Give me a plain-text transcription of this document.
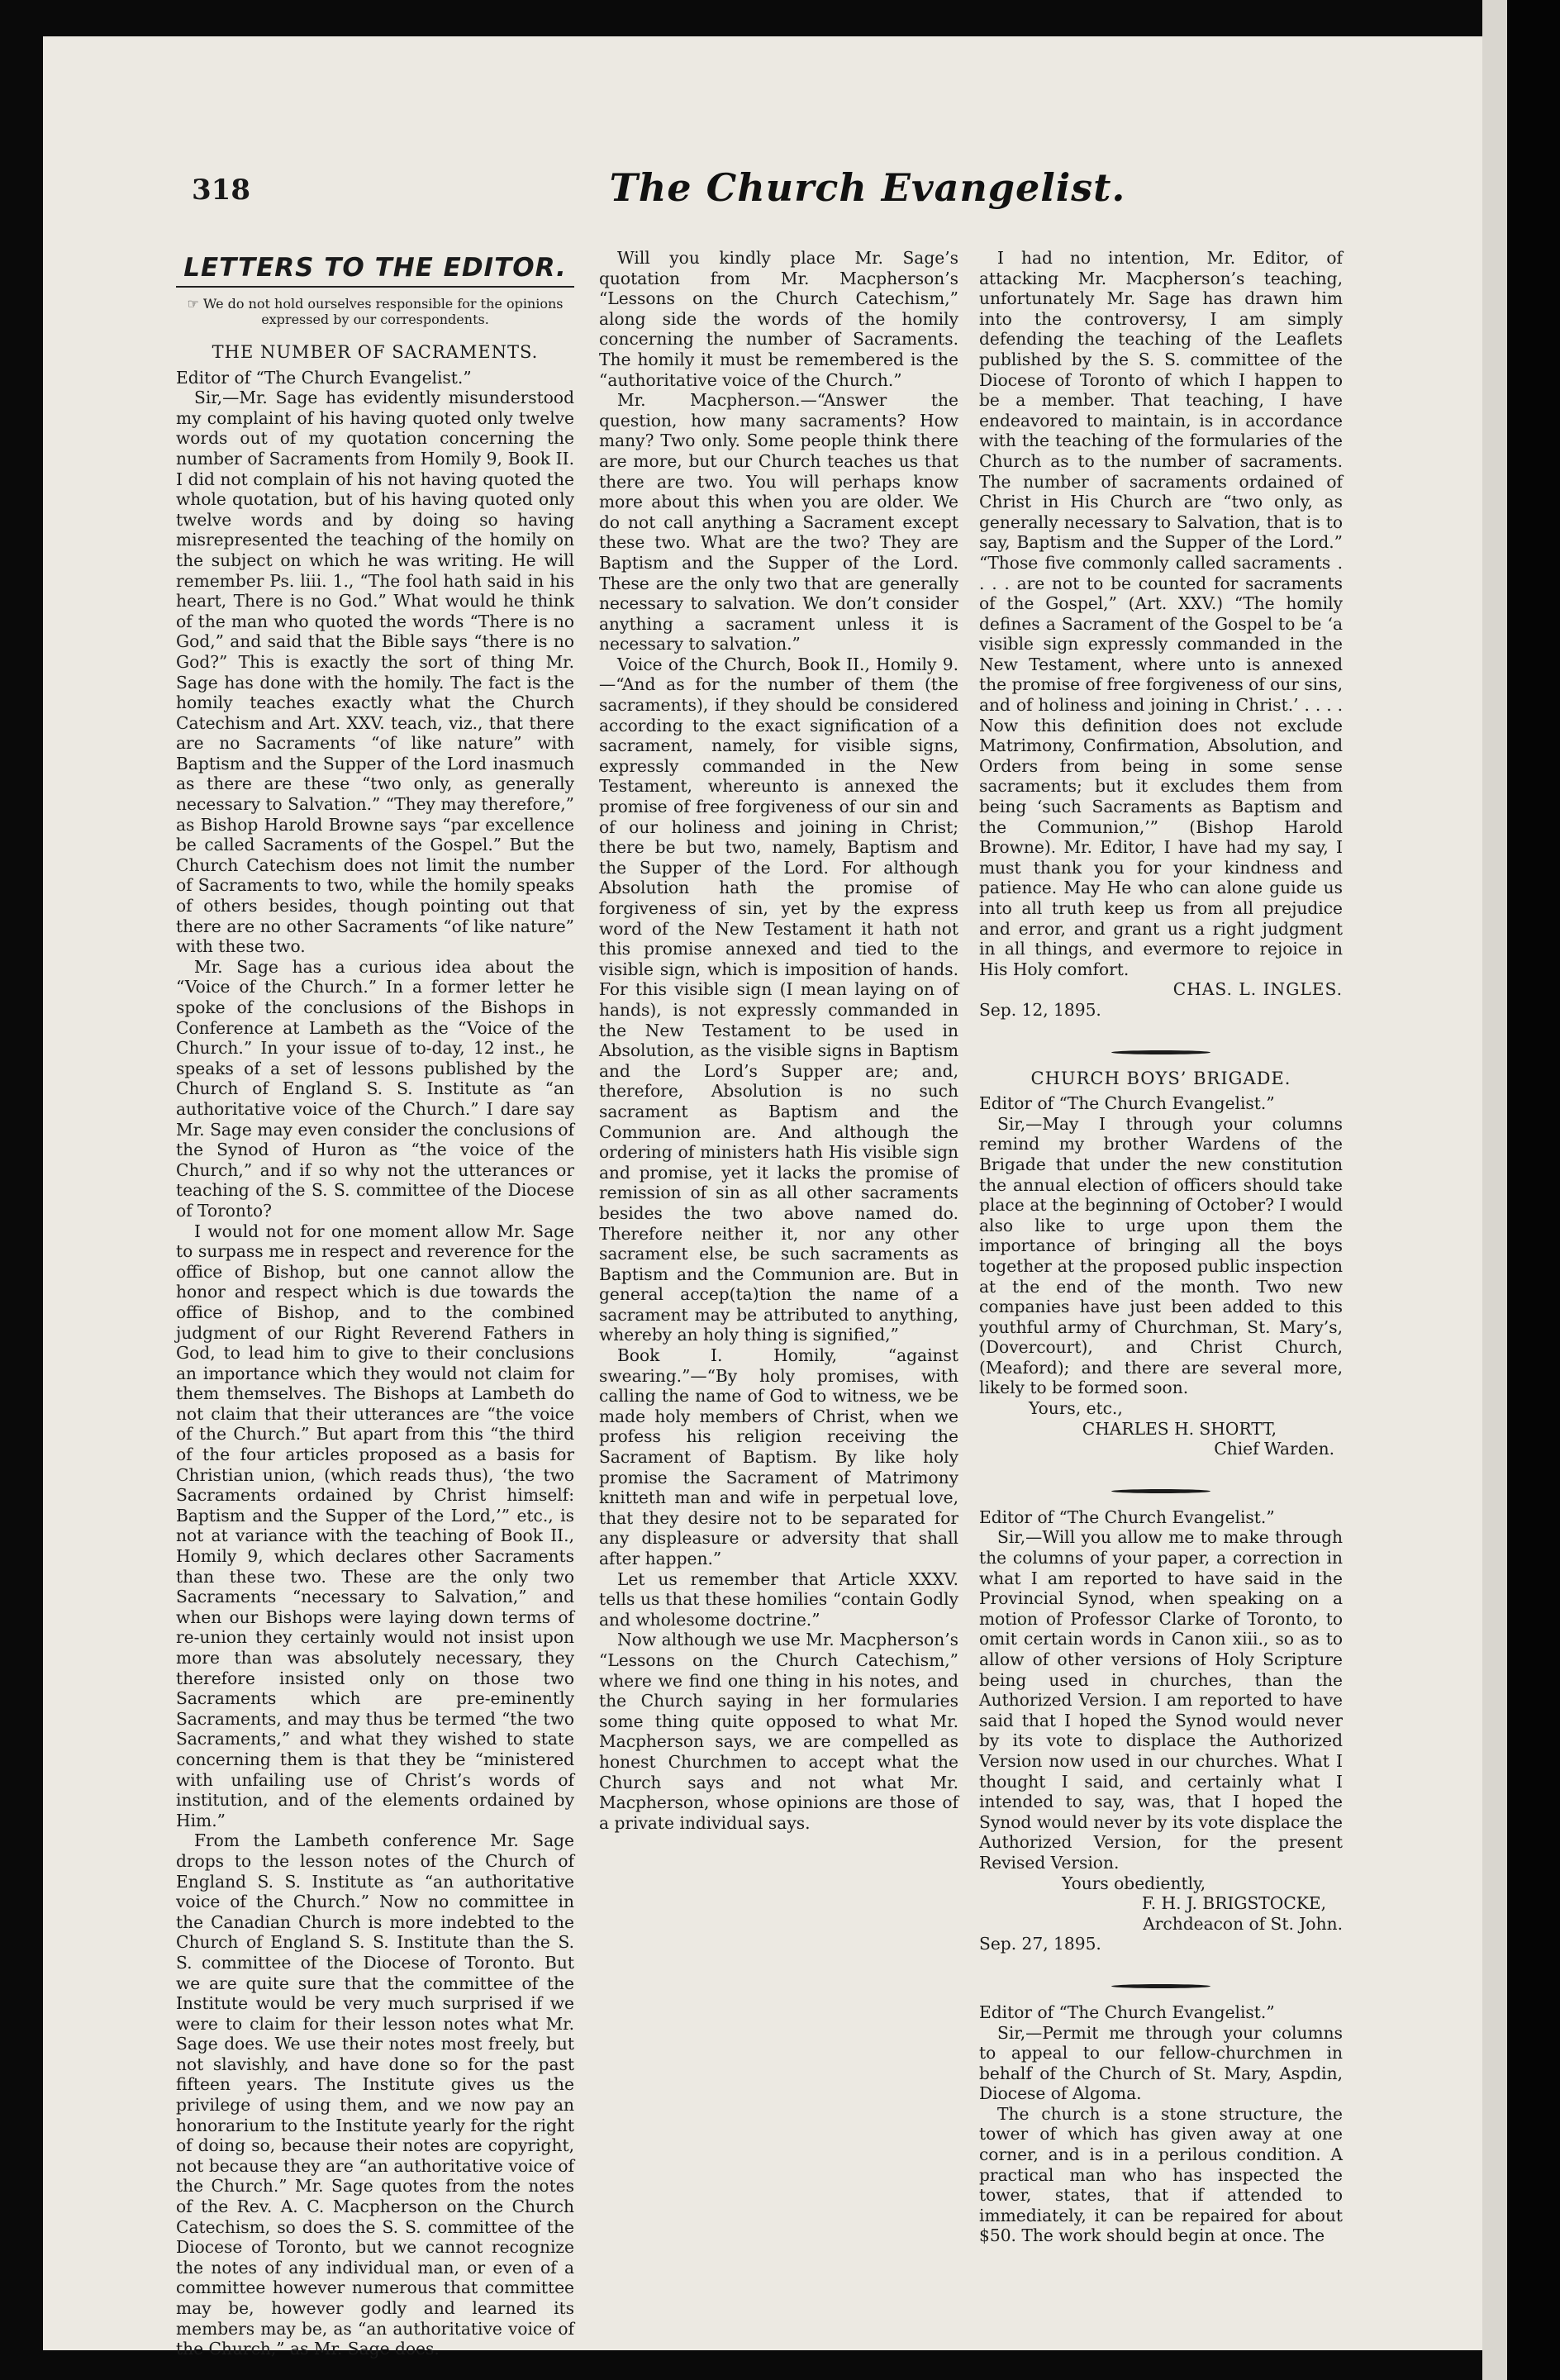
318	The Church Evangelist.
LETTERS TO THE EDITOR.
☞ We do not hold ourselves responsible for the opinions expressed by our correspondents.
THE NUMBER OF SACRAMENTS.

Editor of “The Church Evangelist.”

Sir,—Mr. Sage has evidently misunderstood my complaint of his having quoted only twelve words out of my quotation concerning the number of Sacraments from Homily 9, Book II. I did not complain of his not having quoted the whole quotation, but of his having quoted only twelve words and by doing so having misrepresented the teaching of the homily on the subject on which he was writing. He will remember Ps. liii. 1., “The fool hath said in his heart, There is no God.” What would he think of the man who quoted the words “There is no God,” and said that the Bible says “there is no God?” This is exactly the sort of thing Mr. Sage has done with the homily. The fact is the homily teaches exactly what the Church Catechism and Art. XXV. teach, viz., that there are no Sacraments “of like nature” with Baptism and the Supper of the Lord inasmuch as there are these “two only, as generally necessary to Salvation.” “They may therefore,” as Bishop Harold Browne says “par excellence be called Sacraments of the Gospel.” But the Church Catechism does not limit the number of Sacraments to two, while the homily speaks of others besides, though pointing out that there are no other Sacraments “of like nature” with these two.

Mr. Sage has a curious idea about the “Voice of the Church.” In a former letter he spoke of the conclusions of the Bishops in Conference at Lambeth as the “Voice of the Church.” In your issue of to-day, 12 inst., he speaks of a set of lessons published by the Church of England S. S. Institute as “an authoritative voice of the Church.” I dare say Mr. Sage may even consider the conclusions of the Synod of Huron as “the voice of the Church,” and if so why not the utterances or teaching of the S. S. committee of the Diocese of Toronto?

I would not for one moment allow Mr. Sage to surpass me in respect and reverence for the office of Bishop, but one cannot allow the honor and respect which is due towards the office of Bishop, and to the combined judgment of our Right Reverend Fathers in God, to lead him to give to their conclusions an importance which they would not claim for them themselves. The Bishops at Lambeth do not claim that their utterances are “the voice of the Church.” But apart from this “the third of the four articles proposed as a basis for Christian union, (which reads thus), ‘the two Sacraments ordained by Christ himself: Baptism and the Supper of the Lord,’” etc., is not at variance with the teaching of Book II., Homily 9, which declares other Sacraments than these two. These are the only two Sacraments “necessary to Salvation,” and when our Bishops were laying down terms of re-union they certainly would not insist upon more than was absolutely necessary, they therefore insisted only on those two Sacraments which are pre-eminently Sacraments, and may thus be termed “the two Sacraments,” and what they wished to state concerning them is that they be “ministered with unfailing use of Christ’s words of institution, and of the elements ordained by Him.”

From the Lambeth conference Mr. Sage drops to the lesson notes of the Church of England S. S. Institute as “an authoritative voice of the Church.” Now no committee in the Canadian Church is more indebted to the Church of England S. S. Institute than the S. S. committee of the Diocese of Toronto. But we are quite sure that the committee of the Institute would be very much surprised if we were to claim for their lesson notes what Mr. Sage does. We use their notes most freely, but not slavishly, and have done so for the past fifteen years. The Institute gives us the privilege of using them, and we now pay an honorarium to the Institute yearly for the right of doing so, because their notes are copyright, not because they are “an authoritative voice of the Church.” Mr. Sage quotes from the notes of the Rev. A. C. Macpherson on the Church Catechism, so does the S. S. committee of the Diocese of Toronto, but we cannot recognize the notes of any individual man, or even of a committee however numerous that committee may be, however godly and learned its members may be, as “an authoritative voice of the Church,” as Mr. Sage does.

Will you kindly place Mr. Sage’s quotation from Mr. Macpherson’s “Lessons on the Church Catechism,” along side the words of the homily concerning the number of Sacraments. The homily it must be remembered is the “authoritative voice of the Church.”

Mr. Macpherson.—“Answer the question, how many sacraments? How many? Two only. Some people think there are more, but our Church teaches us that there are two. You will perhaps know more about this when you are older. We do not call anything a Sacrament except these two. What are the two? They are Baptism and the Supper of the Lord. These are the only two that are generally necessary to salvation. We don’t consider anything a sacrament unless it is necessary to salvation.”

Voice of the Church, Book II., Homily 9.—“And as for the number of them (the sacraments), if they should be considered according to the exact signification of a sacrament, namely, for visible signs, expressly commanded in the New Testament, whereunto is annexed the promise of free forgiveness of our sin and of our holiness and joining in Christ; there be but two, namely, Baptism and the Supper of the Lord. For although Absolution hath the promise of forgiveness of sin, yet by the express word of the New Testament it hath not this promise annexed and tied to the visible sign, which is imposition of hands. For this visible sign (I mean laying on of hands), is not expressly commanded in the New Testament to be used in Absolution, as the visible signs in Baptism and the Lord’s Supper are; and, therefore, Absolution is no such sacrament as Baptism and the Communion are. And although the ordering of ministers hath His visible sign and promise, yet it lacks the promise of remission of sin as all other sacraments besides the two above named do. Therefore neither it, nor any other sacrament else, be such sacraments as Baptism and the Communion are. But in general accep(ta)tion the name of a sacrament may be attributed to anything, whereby an holy thing is signified,”

Book I. Homily, “against swearing.”—“By holy promises, with calling the name of God to witness, we be made holy members of Christ, when we profess his religion receiving the Sacrament of Baptism. By like holy promise the Sacrament of Matrimony knitteth man and wife in perpetual love, that they desire not to be separated for any displeasure or adversity that shall after happen.”

Let us remember that Article XXXV. tells us that these homilies “contain Godly and wholesome doctrine.”

Now although we use Mr. Macpherson’s “Lessons on the Church Catechism,” where we find one thing in his notes, and the Church saying in her formularies some thing quite opposed to what Mr. Macpherson says, we are compelled as honest Churchmen to accept what the Church says and not what Mr. Macpherson, whose opinions are those of a private individual says.

I had no intention, Mr. Editor, of attacking Mr. Macpherson’s teaching, unfortunately Mr. Sage has drawn him into the controversy, I am simply defending the teaching of the Leaflets published by the S. S. committee of the Diocese of Toronto of which I happen to be a member. That teaching, I have endeavored to maintain, is in accordance with the teaching of the formularies of the Church as to the number of sacraments. The number of sacraments ordained of Christ in His Church are “two only, as generally necessary to Salvation, that is to say, Baptism and the Supper of the Lord.” “Those five commonly called sacraments . . . . are not to be counted for sacraments of the Gospel,” (Art. XXV.) “The homily defines a Sacrament of the Gospel to be ‘a visible sign expressly commanded in the New Testament, where unto is annexed the promise of free forgiveness of our sins, and of holiness and joining in Christ.’ . . . . Now this definition does not exclude Matrimony, Confirmation, Absolution, and Orders from being in some sense sacraments; but it excludes them from being ‘such Sacraments as Baptism and the Communion,’” (Bishop Harold Browne). Mr. Editor, I have had my say, I must thank you for your kindness and patience. May He who can alone guide us into all truth keep us from all prejudice and error, and grant us a right judgment in all things, and evermore to rejoice in His Holy comfort.

CHAS. L. INGLES.

Sep. 12, 1895.

CHURCH BOYS’ BRIGADE.

Editor of “The Church Evangelist.”

Sir,—May I through your columns remind my brother Wardens of the Brigade that under the new constitution the annual election of officers should take place at the beginning of October? I would also like to urge upon them the importance of bringing all the boys together at the proposed public inspection at the end of the month. Two new companies have just been added to this youthful army of Churchman, St. Mary’s, (Dovercourt), and Christ Church, (Meaford); and there are several more, likely to be formed soon.

Yours, etc.,

CHARLES H. SHORTT,

Chief Warden.

Editor of “The Church Evangelist.”

Sir,—Will you allow me to make through the columns of your paper, a correction in what I am reported to have said in the Provincial Synod, when speaking on a motion of Professor Clarke of Toronto, to omit certain words in Canon xiii., so as to allow of other versions of Holy Scripture being used in churches, than the Authorized Version. I am reported to have said that I hoped the Synod would never by its vote to displace the Authorized Version now used in our churches. What I thought I said, and certainly what I intended to say, was, that I hoped the Synod would never by its vote displace the Authorized Version, for the present Revised Version.

Yours obediently,

F. H. J. BRIGSTOCKE,

Archdeacon of St. John.

Sep. 27, 1895.

Editor of “The Church Evangelist.”

Sir,—Permit me through your columns to appeal to our fellow-churchmen in behalf of the Church of St. Mary, Aspdin, Diocese of Algoma.

The church is a stone structure, the tower of which has given away at one corner, and is in a perilous condition. A practical man who has inspected the tower, states, that if attended to immediately, it can be repaired for about $50. The work should begin at once. The
